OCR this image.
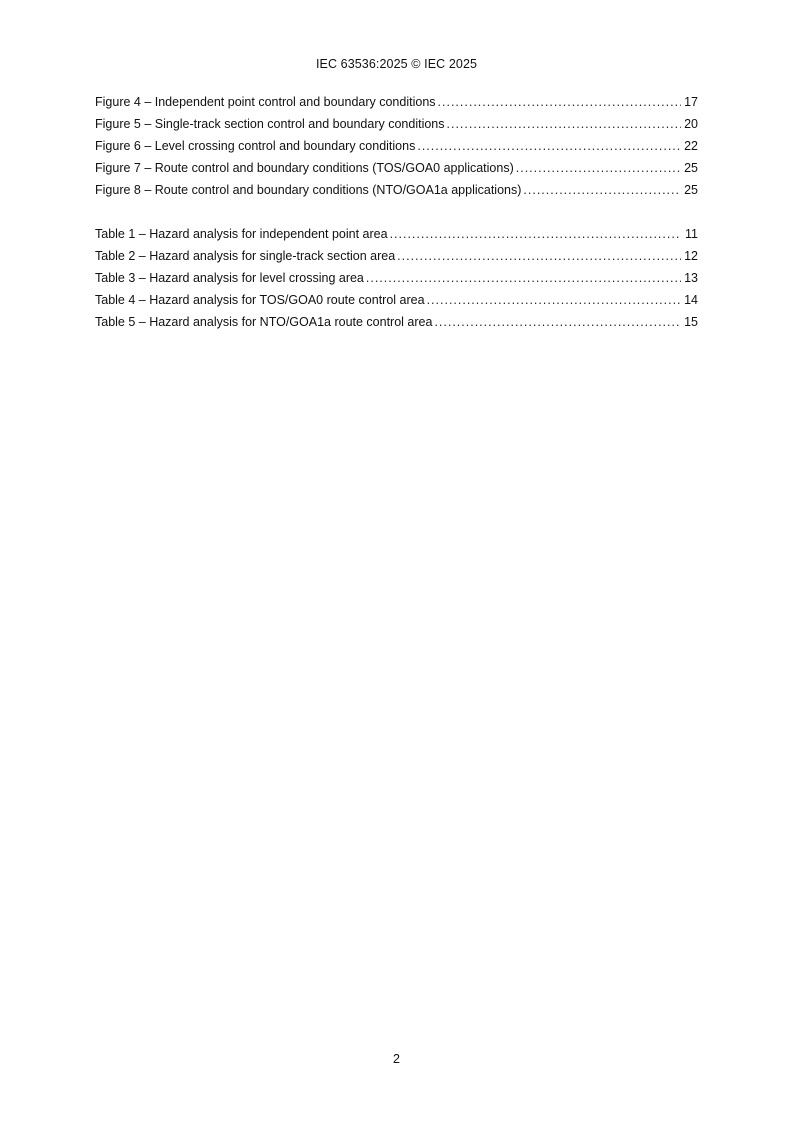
IEC 63536:2025 © IEC 2025
Figure 4 – Independent point control and boundary conditions .....	17
Figure 5 – Single-track section control and boundary conditions .....	20
Figure 6 – Level crossing control and boundary conditions .....	22
Figure 7 – Route control and boundary conditions (TOS/GOA0 applications) .....	25
Figure 8 – Route control and boundary conditions (NTO/GOA1a applications) .....	25
Table 1 – Hazard analysis for independent point area .....	11
Table 2 – Hazard analysis for single-track section area .....	12
Table 3 – Hazard analysis for level crossing area .....	13
Table 4 – Hazard analysis for TOS/GOA0 route control area .....	14
Table 5 – Hazard analysis for NTO/GOA1a route control area .....	15
2
